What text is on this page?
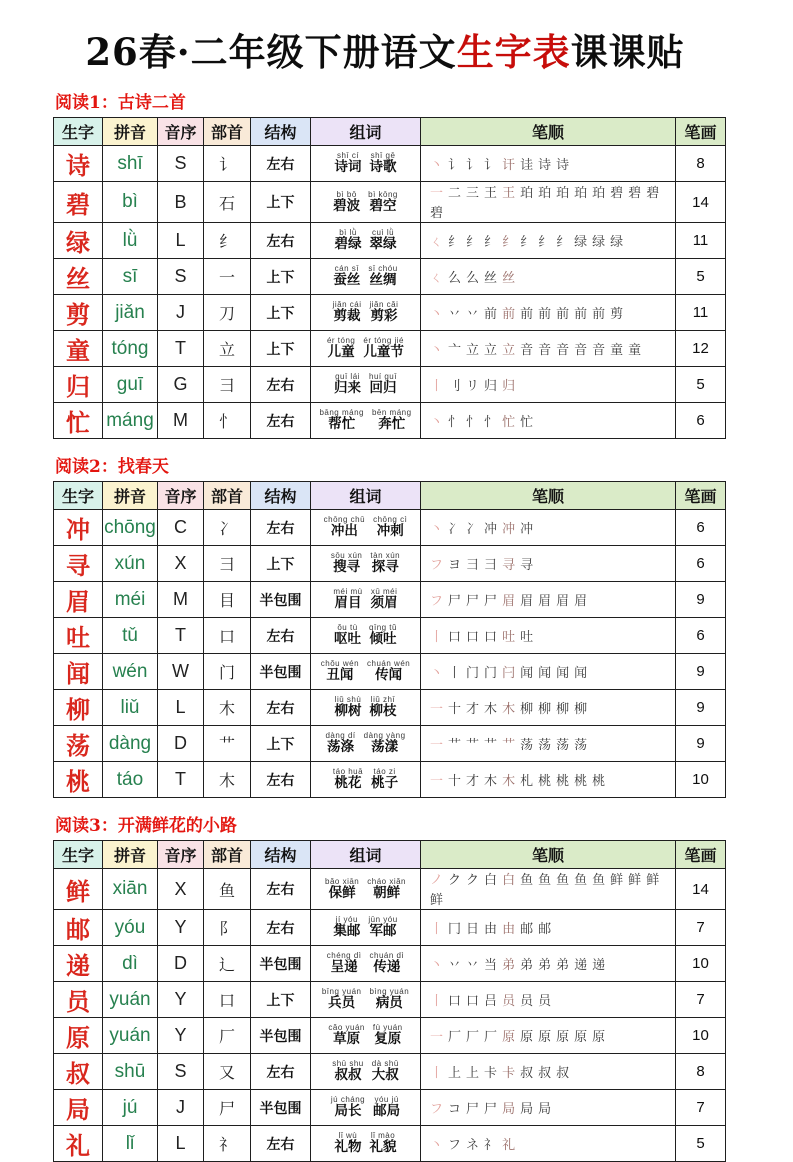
26春·二年级下册语文生字表课课贴
阅读1：古诗二首
生字	拼音	音序	部首	结构	组词	笔顺	笔画
诗	shī	S	讠	左右	shī cí
诗词
shī gē
诗歌	丶 讠 讠 讠 讦 诖 诗 诗	8
碧	bì	B	石	上下	bì bō
碧波
bì kōng
碧空	一 二 三 王 王 珀 珀 珀 珀 珀 碧 碧 碧碧	14
绿	lǜ	L	纟	左右	bì lǜ
碧绿
cuì lǜ
翠绿	ㄑ 纟 纟 纟 纟 纟 纟 纟 绿 绿 绿	11
丝	sī	S	一	上下	cán sī
蚕丝
sī chóu
丝绸	ㄑ 么 么 丝 丝	5
剪	jiǎn	J	刀	上下	jiǎn cái
剪裁
jiǎn cǎi
剪彩	丶 丷 丷 前 前 前 前 前 前 前 剪	11
童	tóng	T	立	上下	ér tóng
儿童
ér tóng jié
儿童节	丶 亠 立 立 立 音 音 音 音 音 童 童	12
归	guī	G	彐	左右	guī lái
归来
huí guī
回归	丨 刂 リ 归 归	5
忙	máng	M	忄	左右	bāng máng
帮忙
bēn máng
奔忙	丶 忄 忄 忄 忙 忙	6
阅读2：找春天
生字	拼音	音序	部首	结构	组词	笔顺	笔画
冲	chōng	C	冫	左右	chōng chū
冲出
chōng cì
冲刺	丶 冫 冫 冲 冲 冲	6
寻	xún	X	彐	上下	sōu xún
搜寻
tàn xún
探寻	フ ヨ 彐 彐 寻 寻	6
眉	méi	M	目	半包围	méi mù
眉目
xū méi
须眉	フ 尸 尸 尸 眉 眉 眉 眉 眉	9
吐	tǔ	T	口	左右	ǒu tù
呕吐
qīng tǔ
倾吐	丨 口 口 口 吐 吐	6
闻	wén	W	门	半包围	chǒu wén
丑闻
chuán wén
传闻	丶 丨 门 门 闩 闻 闻 闻 闻	9
柳	liǔ	L	木	左右	liǔ shù
柳树
liǔ zhī
柳枝	一 十 才 木 木 柳 柳 柳 柳	9
荡	dàng	D	艹	上下	dàng dí
荡涤
dàng yàng
荡漾	一 艹 艹 艹 艹 荡 荡 荡 荡	9
桃	táo	T	木	左右	táo huā
桃花
táo zi
桃子	一 十 才 木 木 札 桃 桃 桃 桃	10
阅读3：开满鲜花的小路
生字	拼音	音序	部首	结构	组词	笔顺	笔画
鲜	xiān	X	鱼	左右	bǎo xiān
保鲜
cháo xiǎn
朝鲜	ノ ク ク 白 白 鱼 鱼 鱼 鱼 鱼 鲜 鲜 鲜鲜	14
邮	yóu	Y	阝	左右	jí yóu
集邮
jūn yóu
军邮	丨 冂 日 由 由 邮 邮	7
递	dì	D	辶	半包围	chéng dì
呈递
chuán dì
传递	丶 丷 丷 当 弟 弟 弟 弟 递 递	10
员	yuán	Y	口	上下	bīng yuán
兵员
bìng yuán
病员	丨 口 口 吕 员 员 员	7
原	yuán	Y	厂	半包围	cǎo yuán
草原
fù yuán
复原	一 厂 厂 厂 原 原 原 原 原 原	10
叔	shū	S	又	左右	shū shu
叔叔
dà shū
大叔	丨 上 上 卡 卡 叔 叔 叔	8
局	jú	J	尸	半包围	jú cháng
局长
yóu jú
邮局	フ コ 尸 尸 局 局 局	7
礼	lǐ	L	礻	左右	lǐ wù
礼物
lǐ mào
礼貌	丶 フ ネ 礻 礼	5
